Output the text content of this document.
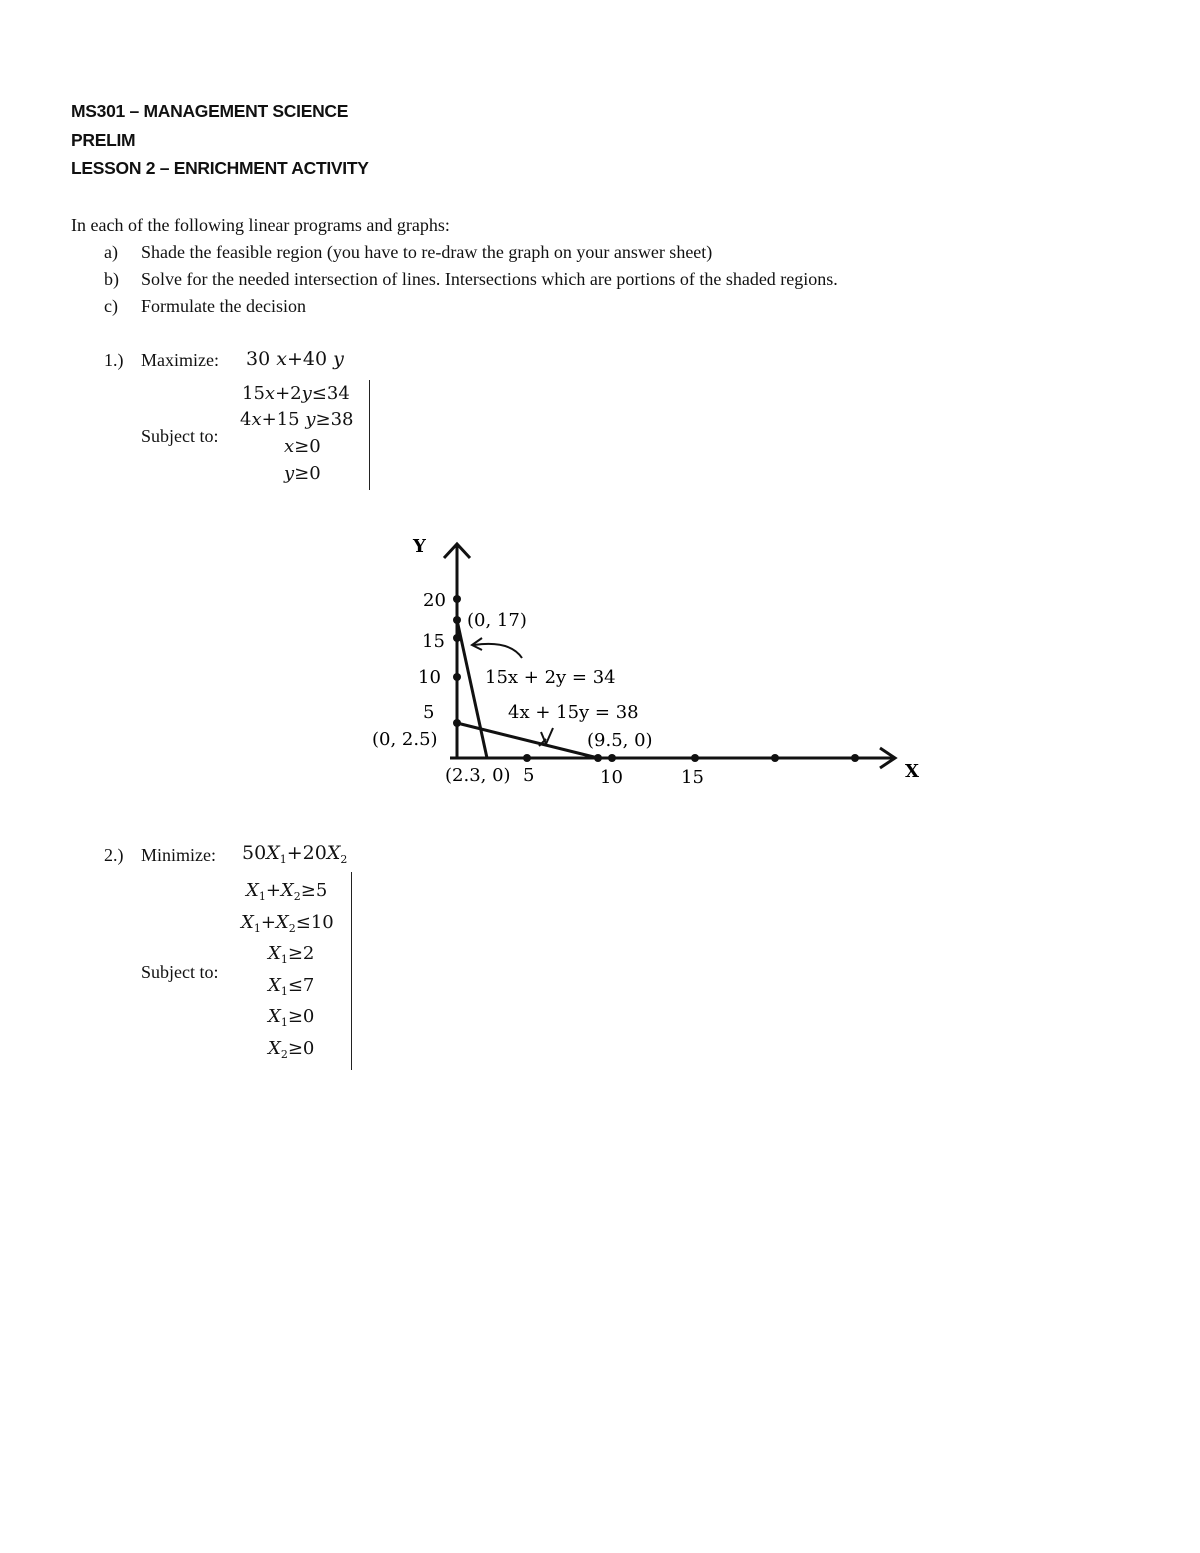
MS301 – MANAGEMENT SCIENCE
PRELIM
LESSON 2 – ENRICHMENT ACTIVITY
In each of the following linear programs and graphs:
a) Shade the feasible region (you have to re-draw the graph on your answer sheet)
b) Solve for the needed intersection of lines. Intersections which are portions of the shaded regions.
c) Formulate the decision
1.) Maximize: 30 x+40 y
Subject to:
15x+2y≤34
4x+15 y≥38
x≥0
y≥0
Y
X
20
15
10
5
5	10	15
(0, 17)
15x + 2y = 34
4x + 15y = 38
(0, 2.5)	(9.5, 0)
(2.3, 0)
2.) Minimize: $50X_1+20X_2$
Subject to:
$X_1+X_2\ge 5$
$X_1+X_2\le 10$
$X_1\ge 2$
$X_1\le 7$
$X_1\ge 0$
$X_2\ge 0$
